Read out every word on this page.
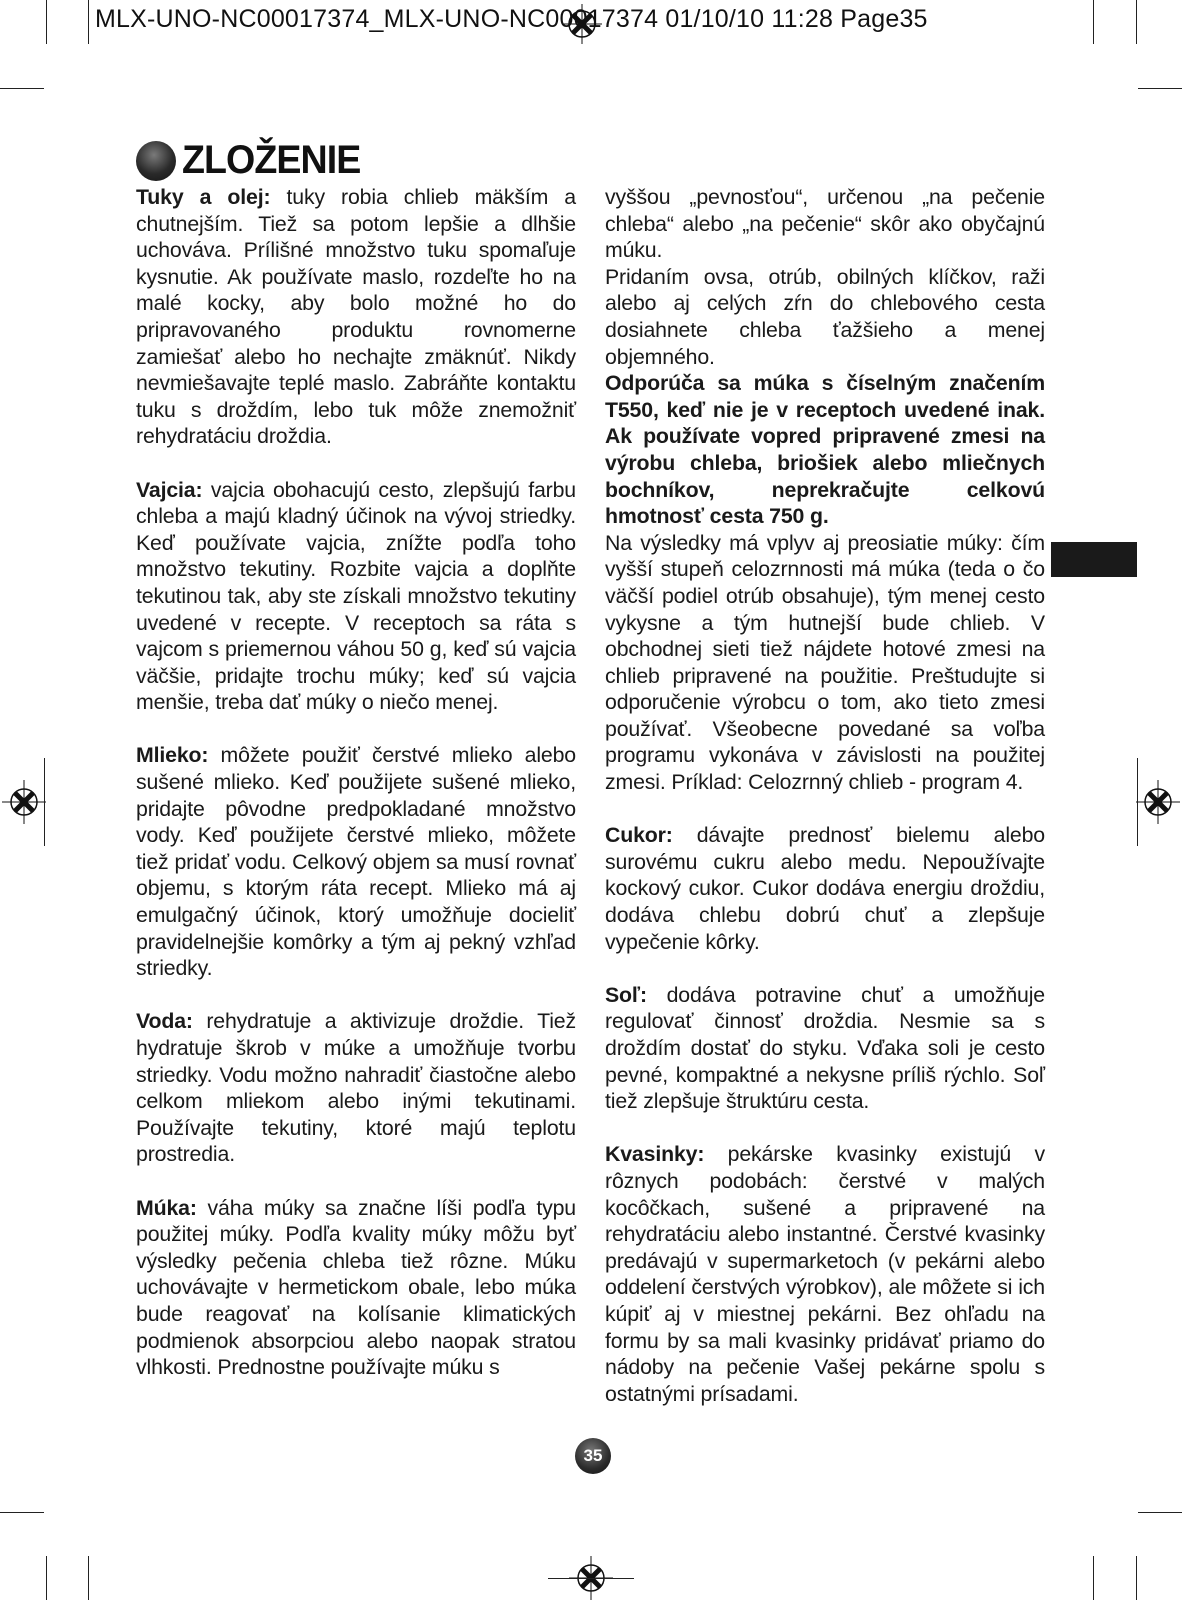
MLX-UNO-NC00017374_MLX-UNO-NC00017374 01/10/10 11:28 Page35
ZLOŽENIE

Tuky a olej: tuky robia chlieb mäkším a chutnejším. Tiež sa potom lepšie a dlhšie uchováva. Prílišné množstvo tuku spomaľuje kysnutie. Ak používate maslo, rozdeľte ho na malé kocky, aby bolo možné ho do pripravovaného produktu rovnomerne zamiešať alebo ho nechajte zmäknúť. Nikdy nevmiešavajte teplé maslo. Zabráňte kontaktu tuku s droždím, lebo tuk môže znemožniť rehydratáciu droždia.

Vajcia: vajcia obohacujú cesto, zlepšujú farbu chleba a majú kladný účinok na vývoj striedky. Keď používate vajcia, znížte podľa toho množstvo tekutiny. Rozbite vajcia a doplňte tekutinou tak, aby ste získali množstvo tekutiny uvedené v recepte. V receptoch sa ráta s vajcom s priemernou váhou 50 g, keď sú vajcia väčšie, pridajte trochu múky; keď sú vajcia menšie, treba dať múky o niečo menej.

Mlieko: môžete použiť čerstvé mlieko alebo sušené mlieko. Keď použijete sušené mlieko, pridajte pôvodne predpokladané množstvo vody. Keď použijete čerstvé mlieko, môžete tiež pridať vodu. Celkový objem sa musí rovnať objemu, s ktorým ráta recept. Mlieko má aj emulgačný účinok, ktorý umožňuje docieliť pravidelnejšie komôrky a tým aj pekný vzhľad striedky.

Voda: rehydratuje a aktivizuje droždie. Tiež hydratuje škrob v múke a umožňuje tvorbu striedky. Vodu možno nahradiť čiastočne alebo celkom mliekom alebo inými tekutinami. Používajte tekutiny, ktoré majú teplotu prostredia.

Múka: váha múky sa značne líši podľa typu použitej múky. Podľa kvality múky môžu byť výsledky pečenia chleba tiež rôzne. Múku uchovávajte v hermetickom obale, lebo múka bude reagovať na kolísanie klimatických podmienok absorpciou alebo naopak stratou vlhkosti. Prednostne používajte múku s

vyššou „pevnosťou“, určenou „na pečenie chleba“ alebo „na pečenie“ skôr ako obyčajnú múku.

Pridaním ovsa, otrúb, obilných klíčkov, raži alebo aj celých zŕn do chlebového cesta dosiahnete chleba ťažšieho a menej objemného.

Odporúča sa múka s číselným značením T550, keď nie je v receptoch uvedené inak. Ak používate vopred pripravené zmesi na výrobu chleba, briošiek alebo mliečnych bochníkov, neprekračujte celkovú hmotnosť cesta 750 g.

Na výsledky má vplyv aj preosiatie múky: čím vyšší stupeň celozrnnosti má múka (teda o čo väčší podiel otrúb obsahuje), tým menej cesto vykysne a tým hutnejší bude chlieb. V obchodnej sieti tiež nájdete hotové zmesi na chlieb pripravené na použitie. Preštudujte si odporučenie výrobcu o tom, ako tieto zmesi používať. Všeobecne povedané sa voľba programu vykonáva v závislosti na použitej zmesi. Príklad: Celozrnný chlieb - program 4.

Cukor: dávajte prednosť bielemu alebo surovému cukru alebo medu. Nepoužívajte kockový cukor. Cukor dodáva energiu droždiu, dodáva chlebu dobrú chuť a zlepšuje vypečenie kôrky.

Soľ: dodáva potravine chuť a umožňuje regulovať činnosť droždia. Nesmie sa s droždím dostať do styku. Vďaka soli je cesto pevné, kompaktné a nekysne príliš rýchlo. Soľ tiež zlepšuje štruktúru cesta.

Kvasinky: pekárske kvasinky existujú v rôznych podobách: čerstvé v malých kocôčkach, sušené a pripravené na rehydratáciu alebo instantné. Čerstvé kvasinky predávajú v supermarketoch (v pekárni alebo oddelení čerstvých výrobkov), ale môžete si ich kúpiť aj v miestnej pekárni. Bez ohľadu na formu by sa mali kvasinky pridávať priamo do nádoby na pečenie Vašej pekárne spolu s ostatnými prísadami.

35
